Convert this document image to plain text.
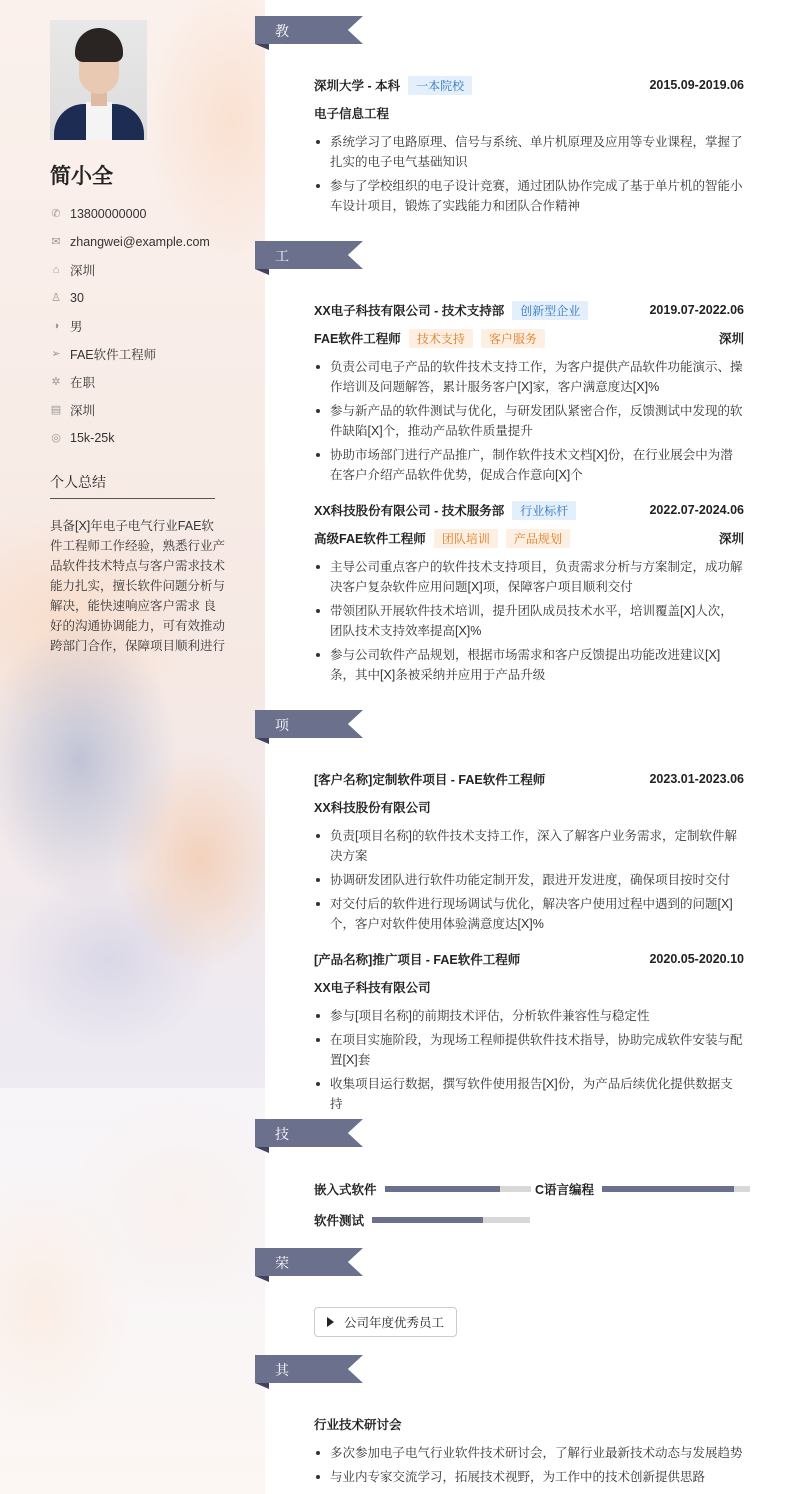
简小全
✆ 13800000000
✉ zhangwei@example.com
⌂ 深圳
♙ 30
◑ 男
➢ FAE软件工程师
✲ 在职
▤ 深圳
◎ 15k-25k
个人总结
具备[X]年电子电气行业FAE软件工程师工作经验，熟悉行业产品软件技术特点与客户需求技术能力扎实，擅长软件问题分析与解决，能快速响应客户需求 良好的沟通协调能力，可有效推动跨部门合作，保障项目顺利进行
教育经历 深圳大学 - 本科	一本院校	2015.09-2019.06
电子信息工程
系统学习了电路原理、信号与系统、单片机原理及应用等专业课程，掌握了扎实的电子电气基础知识
参与了学校组织的电子设计竞赛，通过团队协作完成了基于单片机的智能小车设计项目，锻炼了实践能力和团队合作精神
工作经历 XX电子科技有限公司 - 技术支持部	创新型企业	2019.07-2022.06
FAE软件工程师	技术支持	客户服务	深圳
负责公司电子产品的软件技术支持工作，为客户提供产品软件功能演示、操作培训及问题解答，累计服务客户[X]家，客户满意度达[X]%
参与新产品的软件测试与优化，与研发团队紧密合作，反馈测试中发现的软件缺陷[X]个，推动产品软件质量提升
协助市场部门进行产品推广，制作软件技术文档[X]份，在行业展会中为潜在客户介绍产品软件优势，促成合作意向[X]个
XX科技股份有限公司 - 技术服务部	行业标杆	2022.07-2024.06
高级FAE软件工程师	团队培训	产品规划	深圳
主导公司重点客户的软件技术支持项目，负责需求分析与方案制定，成功解决客户复杂软件应用问题[X]项，保障客户项目顺利交付
带领团队开展软件技术培训，提升团队成员技术水平，培训覆盖[X]人次，团队技术支持效率提高[X]%
参与公司软件产品规划，根据市场需求和客户反馈提出功能改进建议[X]条，其中[X]条被采纳并应用于产品升级
项目经历 [客户名称]定制软件项目 - FAE软件工程师	2023.01-2023.06
XX科技股份有限公司
负责[项目名称]的软件技术支持工作，深入了解客户业务需求，定制软件解决方案
协调研发团队进行软件功能定制开发，跟进开发进度，确保项目按时交付
对交付后的软件进行现场调试与优化，解决客户使用过程中遇到的问题[X]个，客户对软件使用体验满意度达[X]%
[产品名称]推广项目 - FAE软件工程师	2020.05-2020.10
XX电子科技有限公司
参与[项目名称]的前期技术评估，分析软件兼容性与稳定性
在项目实施阶段，为现场工程师提供软件技术指导，协助完成软件安装与配置[X]套
收集项目运行数据，撰写软件使用报告[X]份，为产品后续优化提供数据支持
技能专长 嵌入式软件	C语言编程
软件测试
荣誉奖项	公司年度优秀员工
其他信息 行业技术研讨会
多次参加电子电气行业软件技术研讨会，了解行业最新技术动态与发展趋势
与业内专家交流学习，拓展技术视野，为工作中的技术创新提供思路
